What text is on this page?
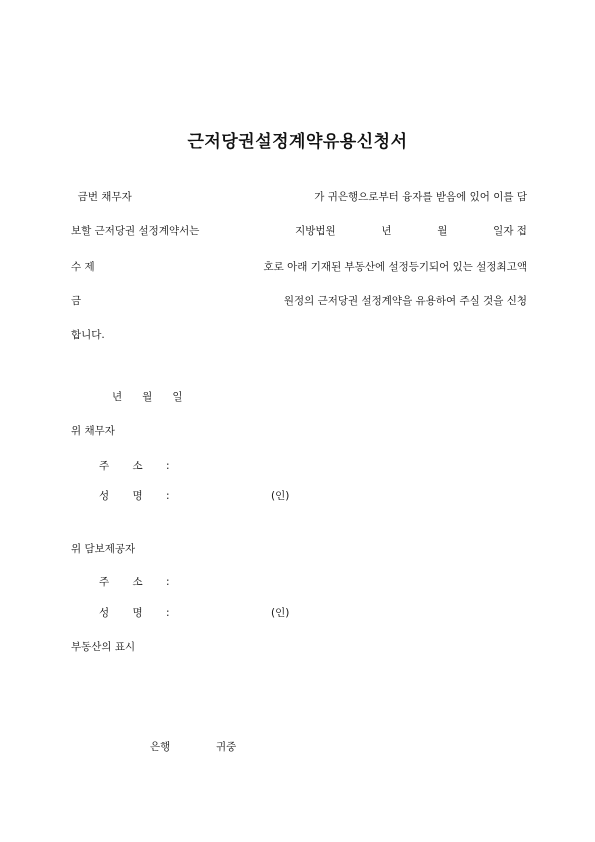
근저당권설정계약유용신청서
금번 채무자	가 귀은행으로부터 융자를 받음에 있어 이를 담
보할 근저당권 설정계약서는	지방법원	년	월	일자 접
수 제	호로 아래 기재된 부동산에 설정등기되어 있는 설정최고액
금	원정의 근저당권 설정계약을 유용하여 주실 것을 신청
합니다.
년      월      일
위 채무자
주 소 :
성 명 :	(인)
위 담보제공자
주 소 :
성 명 :	(인)
부동산의 표시
은행	귀중
